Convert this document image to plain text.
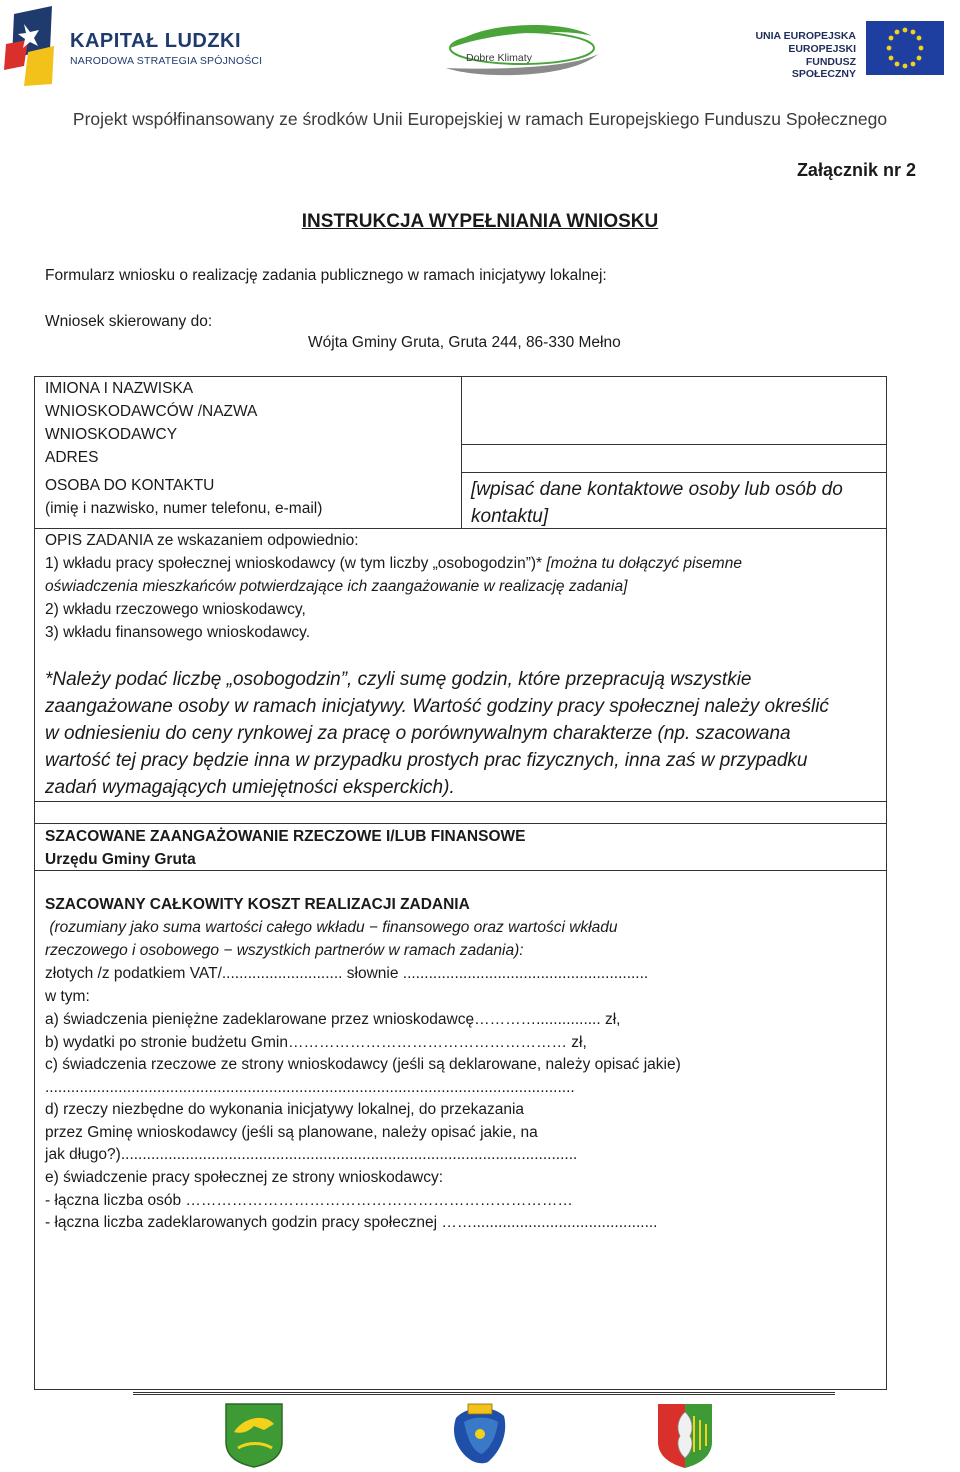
KAPITAŁ LUDZKI
NARODOWA STRATEGIA SPÓJNOŚCI	Dobre Klimaty
UNIA EUROPEJSKA
EUROPEJSKI
FUNDUSZ SPOŁECZNY
Projekt współfinansowany ze środków Unii Europejskiej w ramach Europejskiego Funduszu Społecznego
Załącznik nr 2
INSTRUKCJA WYPEŁNIANIA WNIOSKU
Formularz wniosku o realizację zadania publicznego w ramach inicjatywy lokalnej:
Wniosek skierowany do:
Wójta Gminy Gruta, Gruta 244, 86-330 Mełno
IMIONA I NAZWISKA
WNIOSKODAWCÓW /NAZWA
WNIOSKODAWCY
ADRES
OSOBA DO KONTAKTU
(imię i nazwisko, numer telefonu, e-mail)
[wpisać dane kontaktowe osoby lub osób do
kontaktu]
OPIS ZADANIA ze wskazaniem odpowiednio:
1) wkładu pracy społecznej wnioskodawcy (w tym liczby „osobogodzin”)* [można tu dołączyć pisemne
oświadczenia mieszkańców potwierdzające ich zaangażowanie w realizację zadania]
2) wkładu rzeczowego wnioskodawcy,
3) wkładu finansowego wnioskodawcy.
*Należy podać liczbę „osobogodzin”, czyli sumę godzin, które przepracują wszystkie
zaangażowane osoby w ramach inicjatywy. Wartość godziny pracy społecznej należy określić
w odniesieniu do ceny rynkowej za pracę o porównywalnym charakterze (np. szacowana
wartość tej pracy będzie inna w przypadku prostych prac fizycznych, inna zaś w przypadku
zadań wymagających umiejętności eksperckich).
SZACOWANE ZAANGAŻOWANIE RZECZOWE I/LUB FINANSOWE
Urzędu Gminy Gruta
SZACOWANY CAŁKOWITY KOSZT REALIZACJI ZADANIA
(rozumiany jako suma wartości całego wkładu − finansowego oraz wartości wkładu
rzeczowego i osobowego − wszystkich partnerów w ramach zadania):
złotych /z podatkiem VAT/............................ słownie .........................................................
w tym:
a) świadczenia pieniężne zadeklarowane przez wnioskodawcę…………............... zł,
b) wydatki po stronie budżetu Gmin……………………………………………… zł,
c) świadczenia rzeczowe ze strony wnioskodawcy (jeśli są deklarowane, należy opisać jakie)
...........................................................................................................................
d) rzeczy niezbędne do wykonania inicjatywy lokalnej, do przekazania
przez Gminę wnioskodawcy (jeśli są planowane, należy opisać jakie, na
jak długo?)..........................................................................................................
e) świadczenie pracy społecznej ze strony wnioskodawcy:
- łączna liczba osób …………………………………………………………………
- łączna liczba zadeklarowanych godzin pracy społecznej ……...........................................
